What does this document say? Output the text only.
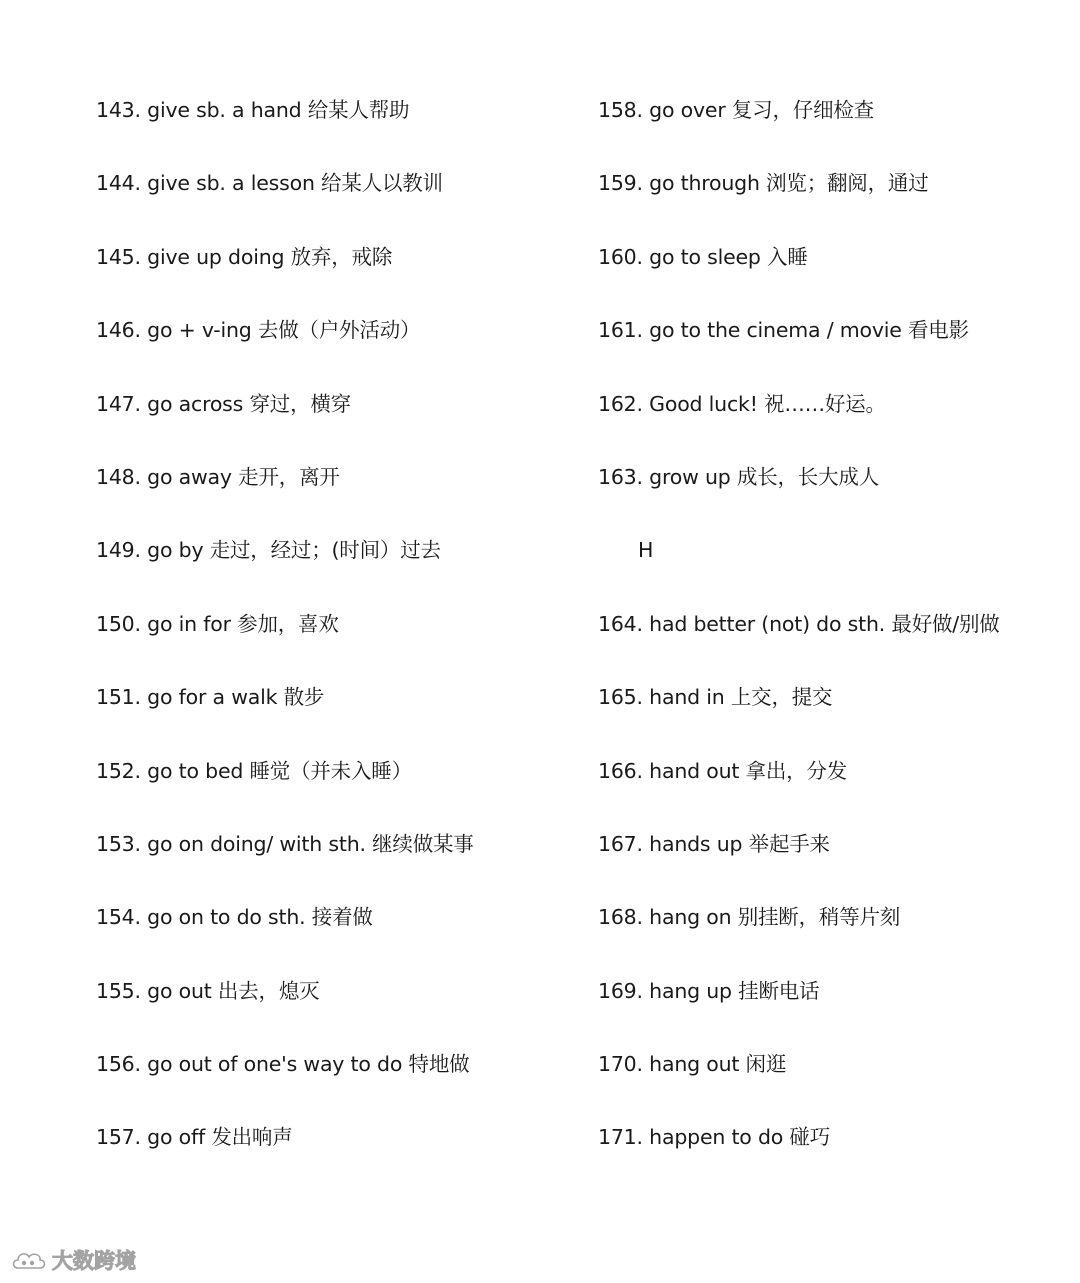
143. give sb. a hand 给某人帮助
144. give sb. a lesson 给某人以教训
145. give up doing 放弃，戒除
146. go + v-ing 去做（户外活动）
147. go across 穿过，横穿
148. go away 走开，离开
149. go by 走过，经过；(时间）过去
150. go in for 参加，喜欢
151. go for a walk 散步
152. go to bed 睡觉（并未入睡）
153. go on doing/ with sth. 继续做某事
154. go on to do sth. 接着做
155. go out 出去，熄灭
156. go out of one's way to do 特地做
157. go off 发出响声
158. go over 复习，仔细检查
159. go through 浏览；翻阅，通过
160. go to sleep 入睡
161. go to the cinema / movie 看电影
162. Good luck! 祝……好运。
163. grow up 成长，长大成人
H
164. had better (not) do sth. 最好做/别做
165. hand in 上交，提交
166. hand out 拿出，分发
167. hands up 举起手来
168. hang on 别挂断，稍等片刻
169. hang up 挂断电话
170. hang out 闲逛
171. happen to do 碰巧
大数跨境
